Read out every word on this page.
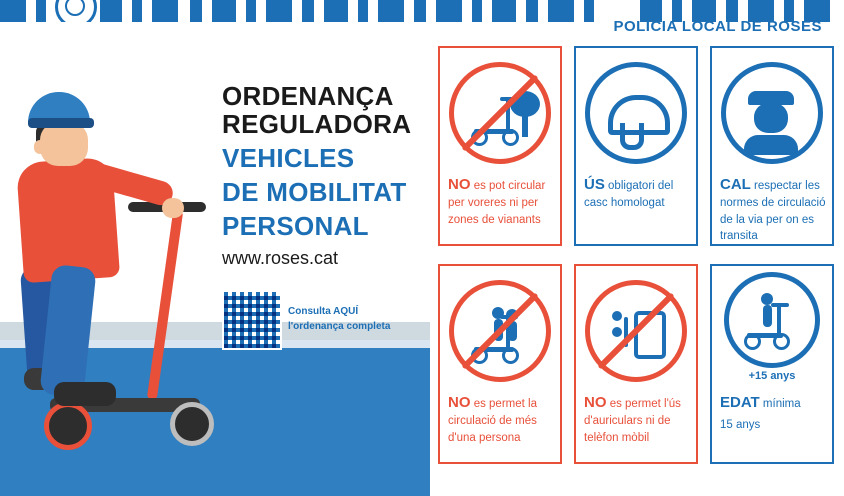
POLICIA LOCAL DE ROSES
ORDENANÇA
REGULADORA
VEHICLES
DE MOBILITAT
PERSONAL
www.roses.cat
Consulta AQUÍ
l'ordenança completa
NO es pot circular per voreres ni per zones de vianants
ÚS obligatori del casc homologat
CAL respectar les normes de circulació de la via per on es transita
NO es permet la circulació de més d'una persona
NO es permet l'ús d'auriculars ni de telèfon mòbil
+15 anys
EDAT mínima
15 anys
